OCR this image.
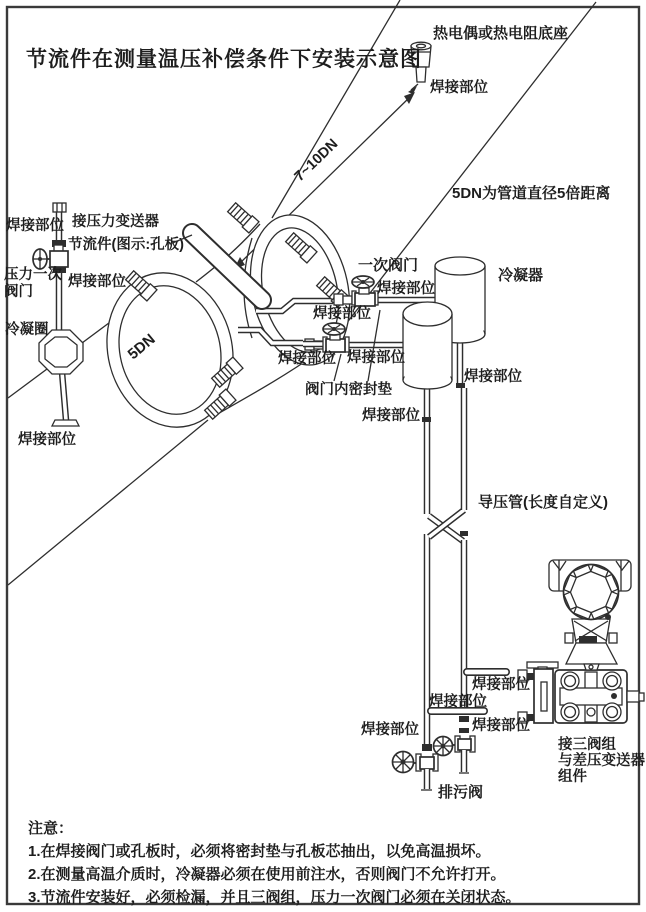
节流件在测量温压补偿条件下安装示意图
热电偶或热电阻底座
焊接部位
5DN为管道直径5倍距离
7~10DN
5DN
焊接部位 接压力变送器
节流件(图示:孔板)
压力一次
阀门
焊接部位
冷凝圈
焊接部位
一次阀门
焊接部位
焊接部位
焊接部位 焊接部位
阀门内密封垫
冷凝器
焊接部位
焊接部位
导压管(长度自定义)
焊接部位
焊接部位
焊接部位	焊接部位
排污阀
接三阀组
与差压变送器
组件
注意：
1.在焊接阀门或孔板时，必须将密封垫与孔板芯抽出，以免高温损坏。
2.在测量高温介质时，冷凝器必须在使用前注水，否则阀门不允许打开。
3.节流件安装好，必须检漏，并且三阀组，压力一次阀门必须在关闭状态。
